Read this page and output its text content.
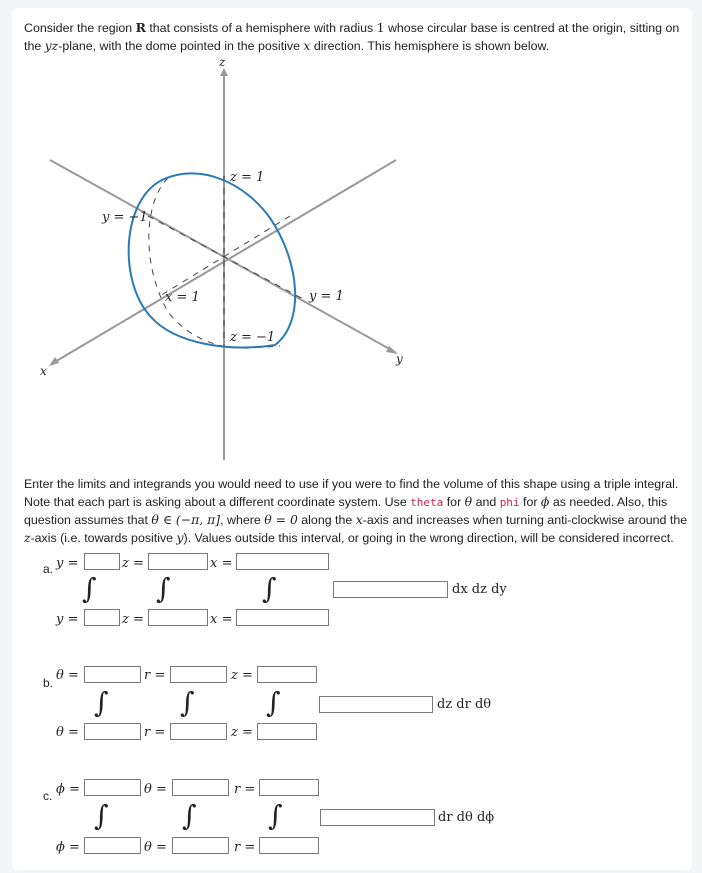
Consider the region R that consists of a hemisphere with radius 1 whose circular base is centred at the origin, sitting on
the yz-plane, with the dome pointed in the positive x direction. This hemisphere is shown below.
z
x
y
z = 1
z = −1
y = −1
y = 1
x = 1
Enter the limits and integrands you would need to use if you were to find the volume of this shape using a triple integral.
Note that each part is asking about a different coordinate system. Use theta for θ and phi for ϕ as needed. Also, this
question assumes that θ ∈ (−π, π], where θ = 0 along the x-axis and increases when turning anti-clockwise around the
z-axis (i.e. towards positive y). Values outside this interval, or going in the wrong direction, will be considered incorrect.
a. y =	z =	x =
∫ ∫	∫	dx dz dy
y =	z =	x =
b. θ =	r =	z =
∫	∫	∫	dz dr dθ
θ =	r =	z =
c. ϕ =	θ =	r =
∫	∫	∫	dr dθ dϕ
ϕ =	θ =	r =
